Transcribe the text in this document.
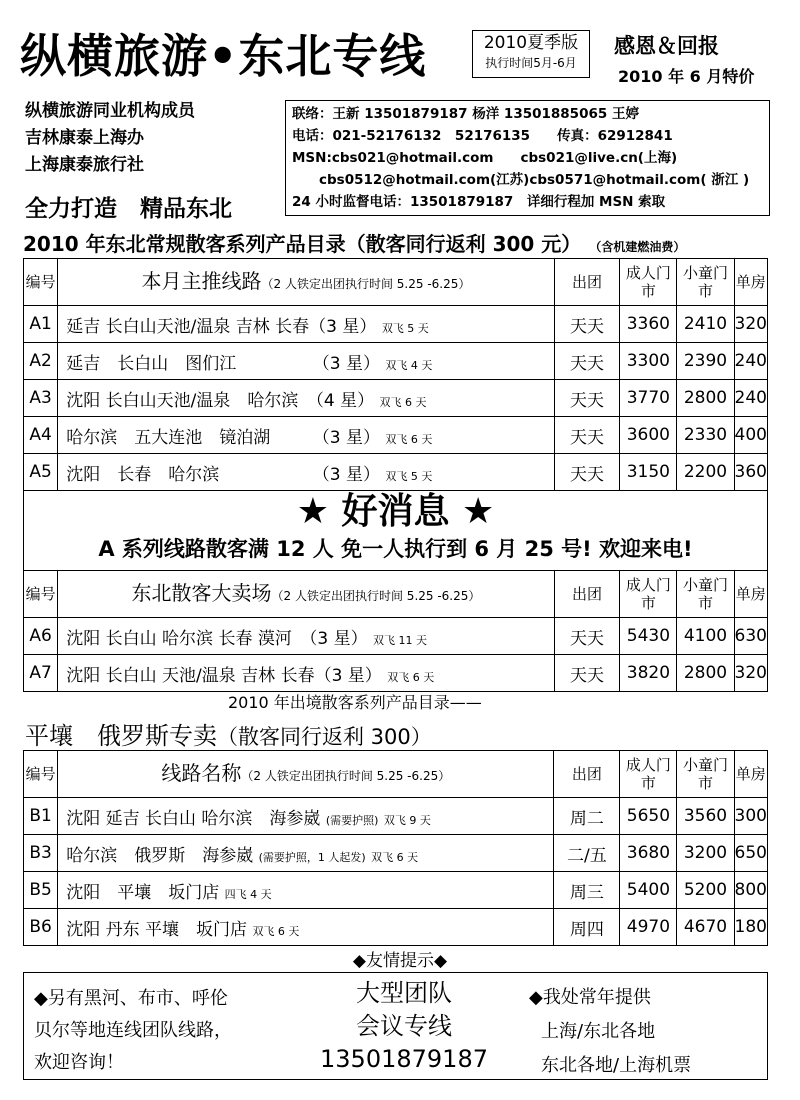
纵横旅游•东北专线	2010夏季版
执行时间5月-6月
感恩＆回报
2010 年 6 月特价
纵横旅游同业机构成员
吉林康泰上海办
上海康泰旅行社
全力打造　精品东北
联络：王新 13501879187 杨洋 13501885065 王婷
电话：021-52176132　52176135　　传真：62912841
MSN:cbs021@hotmail.com　　cbs021@live.cn(上海)
　　cbs0512@hotmail.com(江苏)cbs0571@hotmail.com( 浙江 )
24 小时监督电话：13501879187　详细行程加 MSN 索取
2010 年东北常规散客系列产品目录（散客同行返利 300 元） （含机建燃油费）
编号	本月主推线路（2 人铁定出团执行时间 5.25 -6.25）	出团	成人门市	小童门市	单房
A1	延吉 长白山天池/温泉 吉林 长春（3 星） 双飞 5 天	天天	3360	2410	320
A2	延吉　长白山　图们江　　　　　（3 星） 双飞 4 天	天天	3300	2390	240
A3	沈阳 长白山天池/温泉　哈尔滨　（4 星） 双飞 6 天	天天	3770	2800	240
A4	哈尔滨　五大连池　镜泊湖　　　（3 星） 双飞 6 天	天天	3600	2330	400
A5	沈阳　长春　哈尔滨　　　　　　（3 星） 双飞 5 天	天天	3150	2200	360
★ 好消息 ★
A 系列线路散客满 12 人 免一人执行到 6 月 25 号! 欢迎来电!
编号	东北散客大卖场（2 人铁定出团执行时间 5.25 -6.25）	出团	成人门市	小童门市	单房
A6	沈阳 长白山 哈尔滨 长春 漠河　（3 星） 双飞 11 天	天天	5430	4100	630
A7	沈阳 长白山 天池/温泉 吉林 长春（3 星） 双飞 6 天	天天	3820	2800	320
2010 年出境散客系列产品目录——
平壤　俄罗斯专卖（散客同行返利 300）
编号	线路名称（2 人铁定出团执行时间 5.25 -6.25）	出团	成人门市	小童门市	单房
B1	沈阳 延吉 长白山 哈尔滨　海参崴 (需要护照) 双飞 9 天	周二	5650	3560	300
B3	哈尔滨　俄罗斯　海参崴 (需要护照，1 人起发) 双飞 6 天	二/五	3680	3200	650
B5	沈阳　平壤　坂门店 四飞 4 天	周三	5400	5200	800
B6	沈阳 丹东 平壤　坂门店 双飞 6 天	周四	4970	4670	180
◆友情提示◆
◆另有黑河、布市、呼伦
贝尔等地连线团队线路，
欢迎咨询！
大型团队
会议专线
13501879187
◆我处常年提供
上海/东北各地
东北各地/上海机票
